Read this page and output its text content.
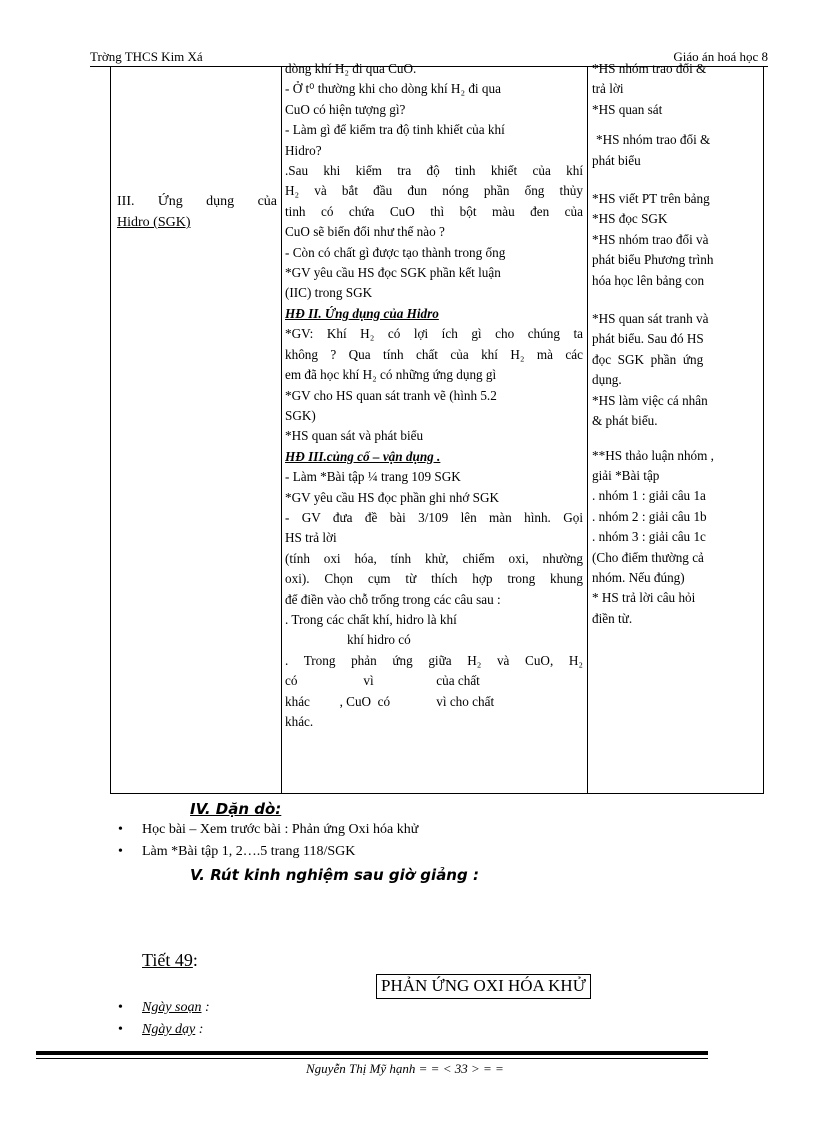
Trờng THCS Kim Xá	Giáo án hoá học 8
III. Ứng dụng của
Hidro (SGK)
dòng khí H₂ đi qua CuO.
- Ở t⁰ thường khi cho dòng khí H₂ đi qua
CuO có hiện tượng gì?
- Làm gì để kiểm tra độ tinh khiết của khí
Hidro?
.Sau khi kiểm tra độ tinh khiết của khí
H₂ và bắt đầu đun nóng phần ống thủy
tinh có chứa CuO thì bột màu đen của
CuO sẽ biến đổi như thế nào ?
- Còn có chất gì được tạo thành trong ống
*GV yêu cầu HS đọc SGK phần kết luận
(IIC) trong SGK
HĐ II. Ứng dụng của Hidro
*GV: Khí H₂ có lợi ích gì cho chúng ta
không ? Qua tính chất của khí H₂ mà các
em đã học khí H₂ có những ứng dụng gì
*GV cho HS quan sát tranh vẽ (hình 5.2
SGK)
*HS quan sát và phát biểu
HĐ III.củng cố – vận dụng .
- Làm *Bài tập ¼ trang 109 SGK
*GV yêu cầu HS đọc phần ghi nhớ SGK
- GV đưa đề bài 3/109 lên màn hình. Gọi
HS trả lời
(tính oxi hóa, tính khử, chiếm oxi, nhường
oxi). Chọn cụm từ thích hợp trong khung
để điền vào chỗ trống trong các câu sau :
. Trong các chất khí, hidro là khí
khí hidro có
. Trong phản ứng giữa H₂ và CuO, H₂
có                    vì                   của chất
khác         , CuO  có              vì cho chất
khác.
*HS nhóm trao đổi &
trả lời
*HS quan sát
*HS nhóm trao đổi &
phát biểu
*HS viết PT trên bảng
*HS đọc SGK
*HS nhóm trao đổi và
phát biểu Phương trình
hóa học lên bảng con
*HS quan sát tranh và
phát biểu. Sau đó HS
đọc  SGK  phần  ứng
dụng.
*HS làm việc cá nhân
& phát biểu.
**HS thảo luận nhóm ,
giải *Bài tập
. nhóm 1 : giải câu 1a
. nhóm 2 : giải câu 1b
. nhóm 3 : giải câu 1c
(Cho điểm thường cả
nhóm. Nếu đúng)
* HS trả lời câu hỏi
điền từ.
IV. Dặn dò:
• Học bài – Xem trước bài : Phản ứng Oxi hóa khử
• Làm *Bài tập 1, 2….5 trang 118/SGK
V. Rút kinh nghiệm sau giờ giảng :
Tiết 49:
PHẢN ỨNG OXI HÓA KHỬ
• Ngày soạn :
• Ngày dạy :
Nguyễn Thị Mỹ hạnh = = < 33 > = =
